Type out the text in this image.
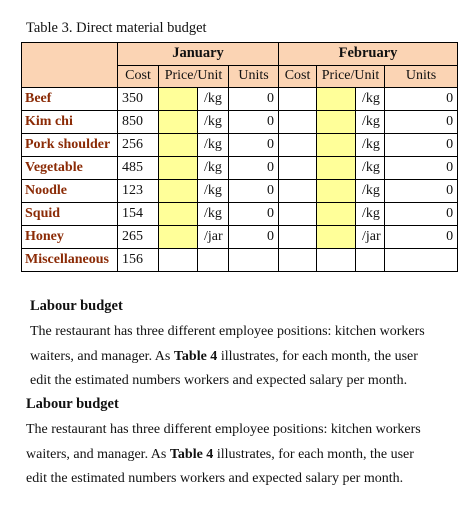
Table 3. Direct material budget
	January			February		
	Cost	Price/Unit	Units	Cost	Price/Unit	Units
Beef	350	/kg	0		/kg	0
Kim chi	850	/kg	0		/kg	0
Pork shoulder	256	/kg	0		/kg	0
Vegetable	485	/kg	0		/kg	0
Noodle	123	/kg	0		/kg	0
Squid	154	/kg	0		/kg	0
Honey	265	/jar	0		/jar	0
Miscellaneous	156	

Labour budget
The restaurant has three different employee positions: kitchen workers
waiters, and manager. As Table 4 illustrates, for each month, the user
edit the estimated numbers workers and expected salary per month.
Labour budget
The restaurant has three different employee positions: kitchen workers
waiters, and manager. As Table 4 illustrates, for each month, the user
edit the estimated numbers workers and expected salary per month.
